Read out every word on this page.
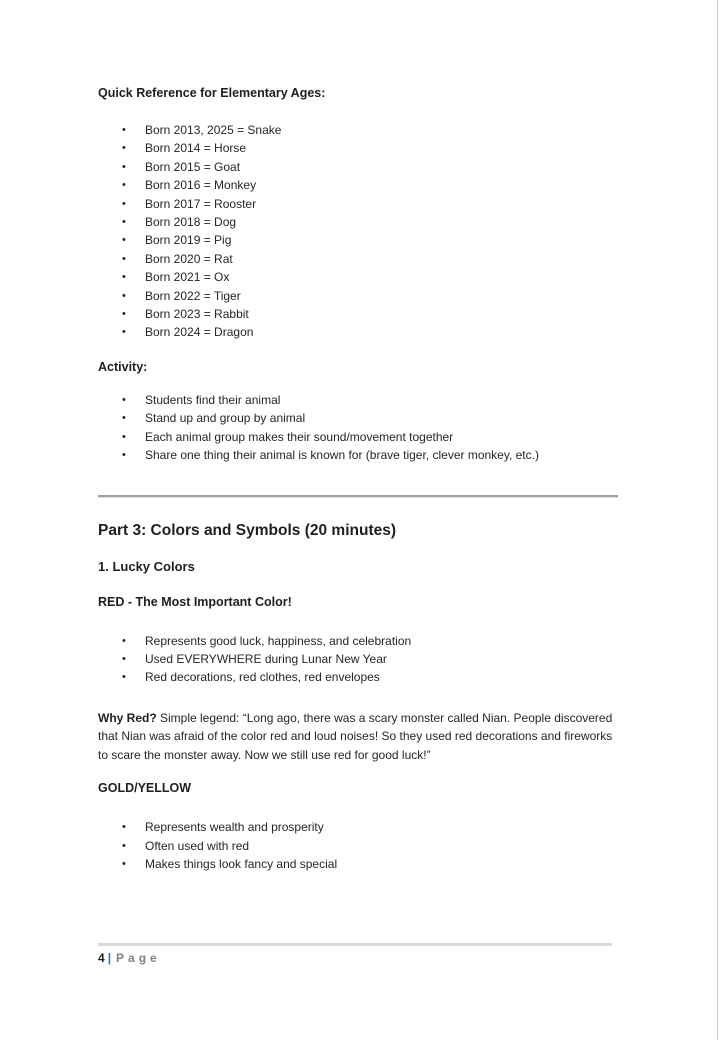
Quick Reference for Elementary Ages:
• Born 2013, 2025 = Snake
• Born 2014 = Horse
• Born 2015 = Goat
• Born 2016 = Monkey
• Born 2017 = Rooster
• Born 2018 = Dog
• Born 2019 = Pig
• Born 2020 = Rat
• Born 2021 = Ox
• Born 2022 = Tiger
• Born 2023 = Rabbit
• Born 2024 = Dragon
Activity:
• Students find their animal
• Stand up and group by animal
• Each animal group makes their sound/movement together
• Share one thing their animal is known for (brave tiger, clever monkey, etc.)
Part 3: Colors and Symbols (20 minutes)
1. Lucky Colors
RED - The Most Important Color!
• Represents good luck, happiness, and celebration
• Used EVERYWHERE during Lunar New Year
• Red decorations, red clothes, red envelopes

Why Red? Simple legend: “Long ago, there was a scary monster called Nian. People discovered that Nian was afraid of the color red and loud noises! So they used red decorations and fireworks to scare the monster away. Now we still use red for good luck!”

GOLD/YELLOW
• Represents wealth and prosperity
• Often used with red
• Makes things look fancy and special
4 | Page
